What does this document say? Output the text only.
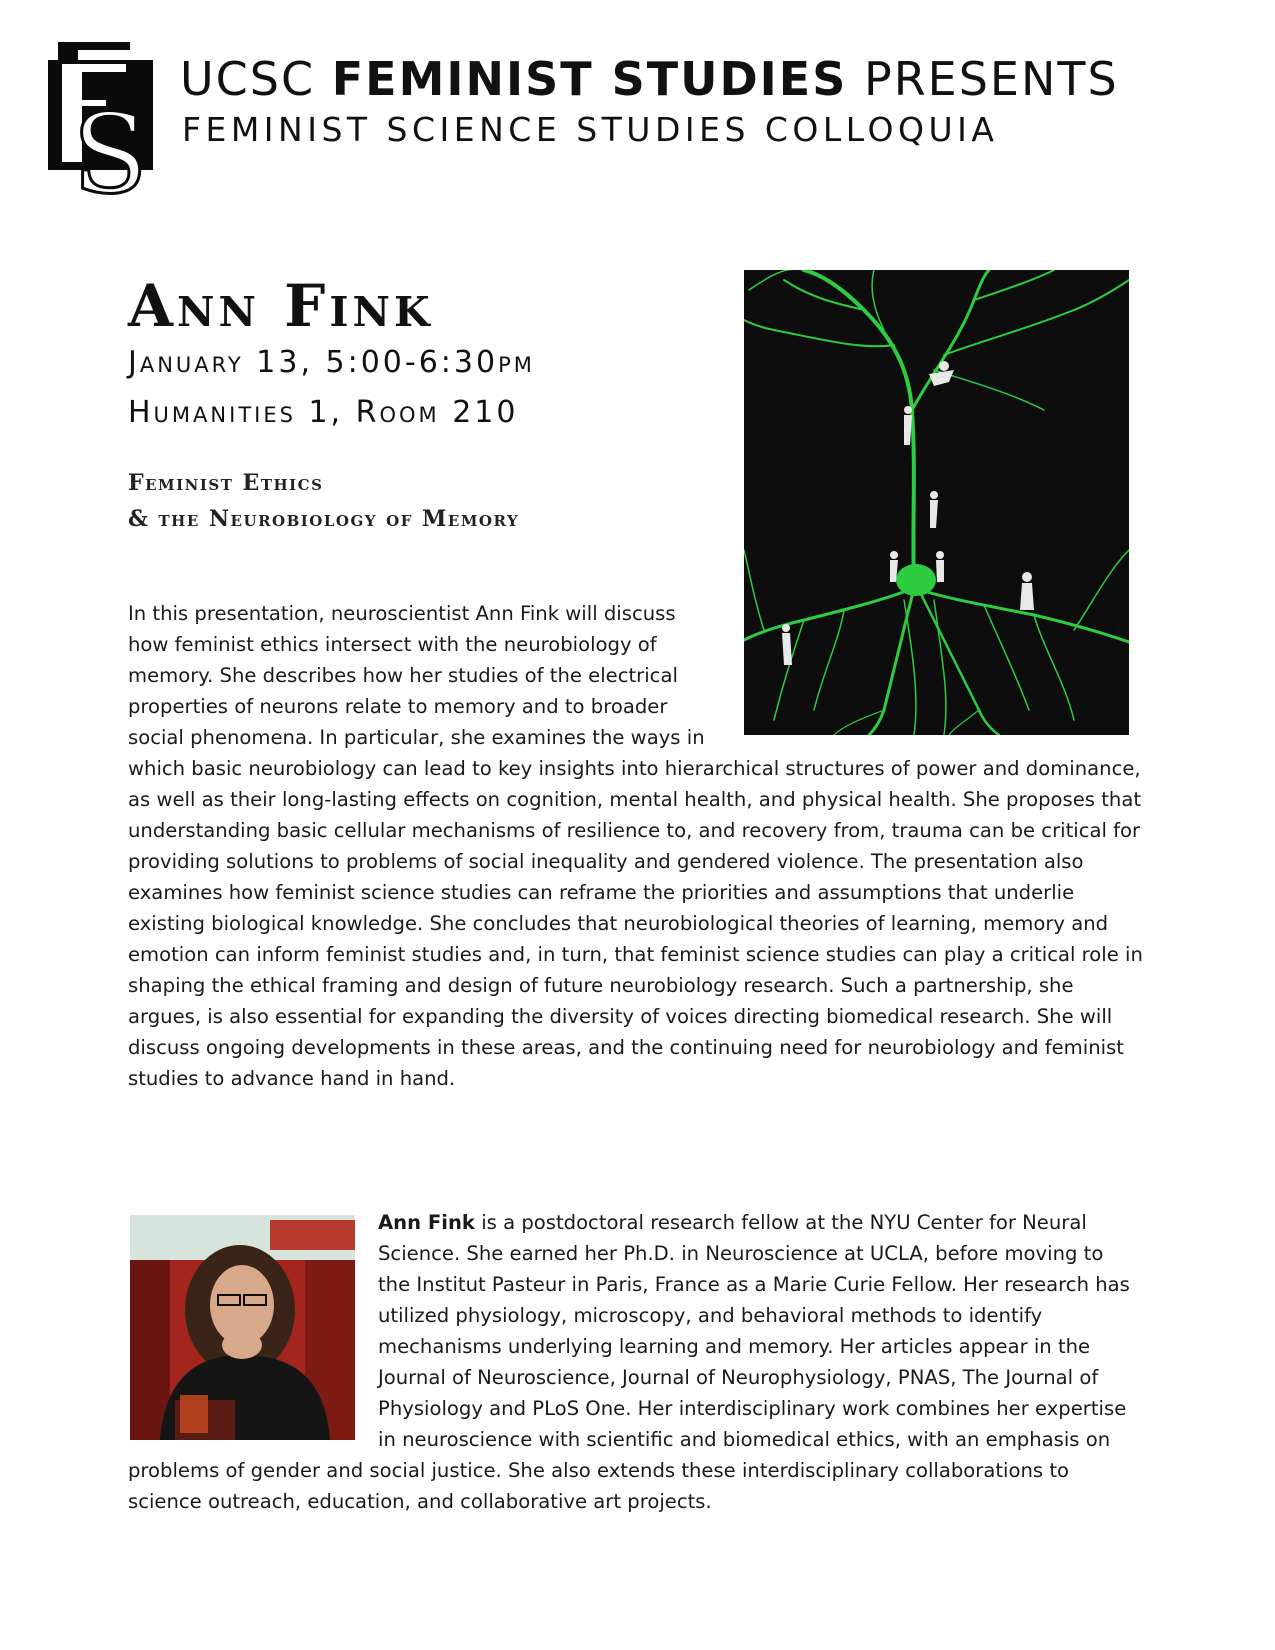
S
UCSC FEMINIST STUDIES PRESENTS
FEMINIST SCIENCE STUDIES COLLOQUIA
Ann Fink
January 13, 5:00-6:30pm
Humanities 1, Room 210
Feminist Ethics
& the Neurobiology of Memory
In this presentation, neuroscientist Ann Fink will discuss how feminist ethics intersect with the neurobiology of memory. She describes how her studies of the electrical properties of neurons relate to memory and to broader social phenomena. In particular, she examines the ways in which basic neurobiology can lead to key insights into hierarchical structures of power and dominance, as well as their long-lasting effects on cognition, mental health, and physical health. She proposes that understanding basic cellular mechanisms of resilience to, and recovery from, trauma can be critical for providing solutions to problems of social inequality and gendered violence. The presentation also examines how feminist science studies can reframe the priorities and assumptions that underlie existing biological knowledge. She concludes that neurobiological theories of learning, memory and emotion can inform feminist studies and, in turn, that feminist science studies can play a critical role in shaping the ethical framing and design of future neurobiology research. Such a partnership, she argues, is also essential for expanding the diversity of voices directing biomedical research. She will discuss ongoing developments in these areas, and the continuing need for neurobiology and feminist studies to advance hand in hand.
Ann Fink is a postdoctoral research fellow at the NYU Center for Neural Science. She earned her Ph.D. in Neuroscience at UCLA, before moving to the Institut Pasteur in Paris, France as a Marie Curie Fellow. Her research has utilized physiology, microscopy, and behavioral methods to identify mechanisms underlying learning and memory. Her articles appear in the Journal of Neuroscience, Journal of Neurophysiology, PNAS, The Journal of Physiology and PLoS One. Her interdisciplinary work combines her expertise in neuroscience with scientific and biomedical ethics, with an emphasis on problems of gender and social justice. She also extends these interdisciplinary collaborations to science outreach, education, and collaborative art projects.
